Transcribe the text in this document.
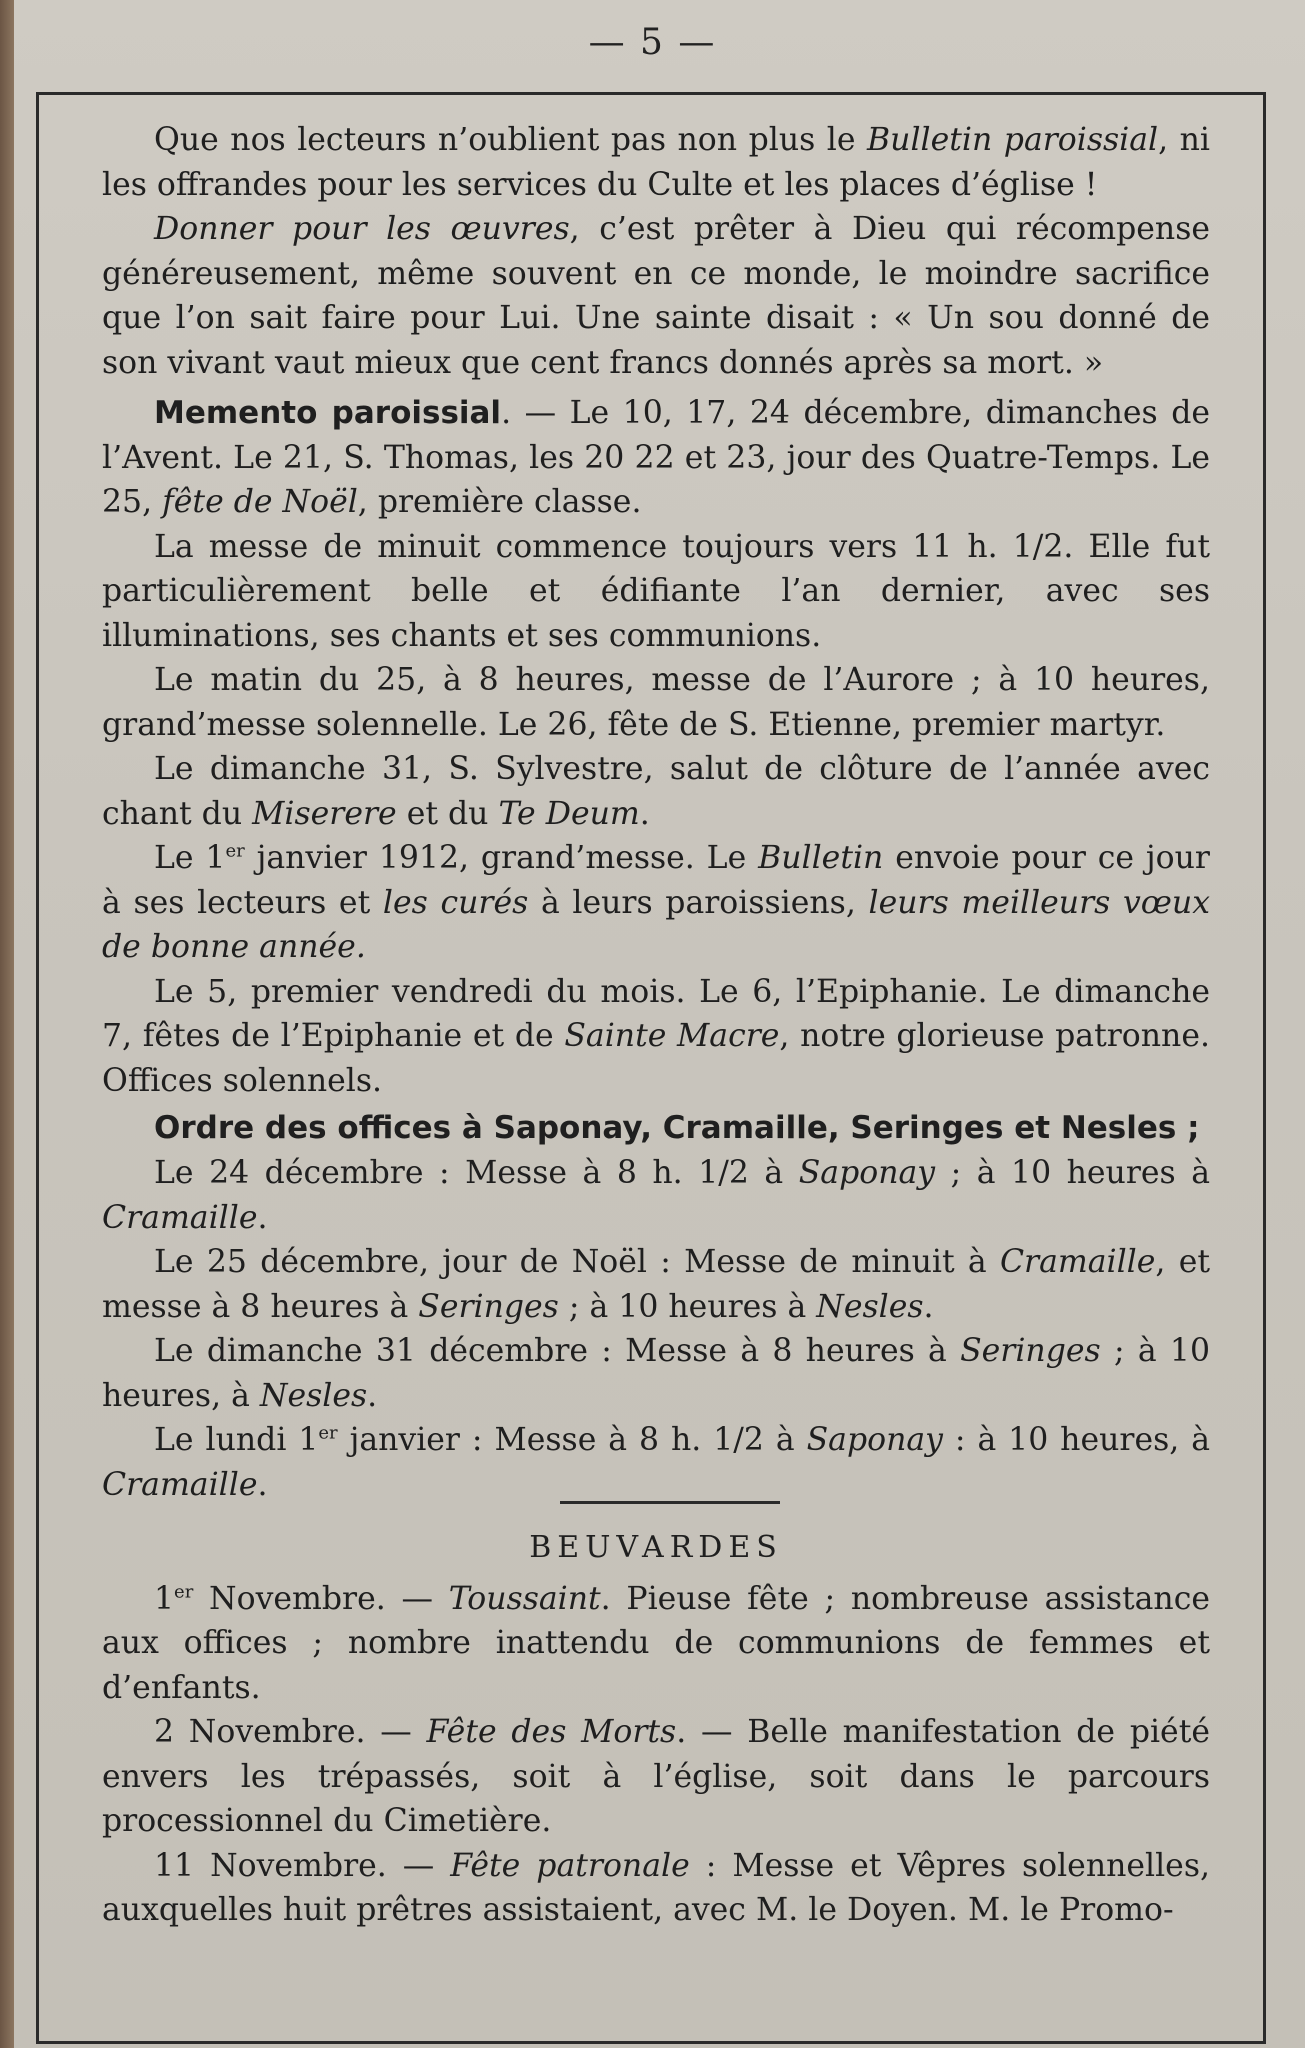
— 5 —

Que nos lecteurs n’oublient pas non plus le Bulletin paroissial, ni les offrandes pour les services du Culte et les places d’église !

Donner pour les œuvres, c’est prêter à Dieu qui récompense généreusement, même souvent en ce monde, le moindre sacrifice que l’on sait faire pour Lui. Une sainte disait : « Un sou donné de son vivant vaut mieux que cent francs donnés après sa mort. »

Memento paroissial. — Le 10, 17, 24 décembre, dimanches de l’Avent. Le 21, S. Thomas, les 20 22 et 23, jour des Quatre-Temps. Le 25, fête de Noël, première classe.

La messe de minuit commence toujours vers 11 h. 1/2. Elle fut particulièrement belle et édifiante l’an dernier, avec ses illuminations, ses chants et ses communions.

Le matin du 25, à 8 heures, messe de l’Aurore ; à 10 heures, grand’messe solennelle. Le 26, fête de S. Etienne, premier martyr.

Le dimanche 31, S. Sylvestre, salut de clôture de l’année avec chant du Miserere et du Te Deum.

Le 1er janvier 1912, grand’messe. Le Bulletin envoie pour ce jour à ses lecteurs et les curés à leurs paroissiens, leurs meilleurs vœux de bonne année.

Le 5, premier vendredi du mois. Le 6, l’Epiphanie. Le dimanche 7, fêtes de l’Epiphanie et de Sainte Macre, notre glorieuse patronne. Offices solennels.

Ordre des offices à Saponay, Cramaille, Seringes et Nesles ;

Le 24 décembre : Messe à 8 h. 1/2 à Saponay ; à 10 heures à Cramaille.

Le 25 décembre, jour de Noël : Messe de minuit à Cramaille, et messe à 8 heures à Seringes ; à 10 heures à Nesles.

Le dimanche 31 décembre : Messe à 8 heures à Seringes ; à 10 heures, à Nesles.

Le lundi 1er janvier : Messe à 8 h. 1/2 à Saponay : à 10 heures, à Cramaille.

BEUVARDES

1er Novembre. — Toussaint. Pieuse fête ; nombreuse assistance aux offices ; nombre inattendu de communions de femmes et d’enfants.

2 Novembre. — Fête des Morts. — Belle manifestation de piété envers les trépassés, soit à l’église, soit dans le parcours processionnel du Cimetière.

11 Novembre. — Fête patronale : Messe et Vêpres solennelles, auxquelles huit prêtres assistaient, avec M. le Doyen. M. le Promo-
